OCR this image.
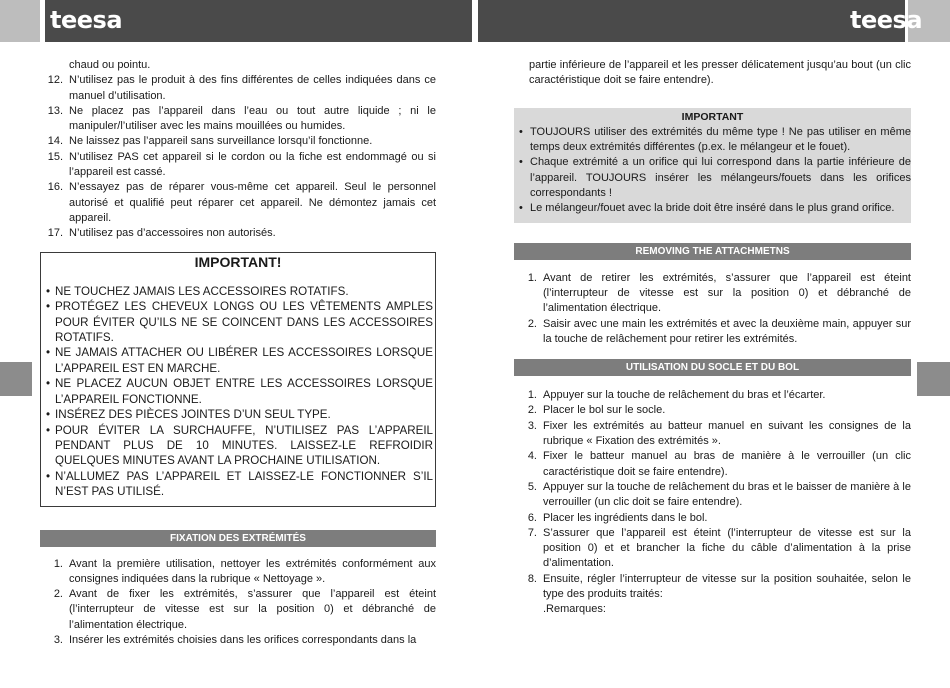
teesa	teesa
chaud ou pointu.
12. N’utilisez pas le produit à des fins différentes de celles indiquées dans ce manuel d’utilisation.
13. Ne placez pas l’appareil dans l’eau ou tout autre liquide ; ni le manipuler/l’utiliser avec les mains mouillées ou humides.
14. Ne laissez pas l’appareil sans surveillance lorsqu’il fonctionne.
15. N’utilisez PAS cet appareil si le cordon ou la fiche est endommagé ou si l’appareil est cassé.
16. N’essayez pas de réparer vous-même cet appareil. Seul le personnel autorisé et qualifié peut réparer cet appareil. Ne démontez jamais cet appareil.
17. N’utilisez pas d’accessoires non autorisés.
IMPORTANT!
• NE TOUCHEZ JAMAIS LES ACCESSOIRES ROTATIFS.
• PROTÉGEZ LES CHEVEUX LONGS OU LES VÊTEMENTS AMPLES POUR ÉVITER QU’ILS NE SE COINCENT DANS LES ACCESSOIRES ROTATIFS.
• NE JAMAIS ATTACHER OU LIBÉRER LES ACCESSOIRES LORSQUE L’APPAREIL EST EN MARCHE.
• NE PLACEZ AUCUN OBJET ENTRE LES ACCESSOIRES LORSQUE L’APPAREIL FONCTIONNE.
• INSÉREZ DES PIÈCES JOINTES D’UN SEUL TYPE.
• POUR ÉVITER LA SURCHAUFFE, N’UTILISEZ PAS L’APPAREIL PENDANT PLUS DE 10 MINUTES. LAISSEZ-LE REFROIDIR QUELQUES MINUTES AVANT LA PROCHAINE UTILISATION.
• N’ALLUMEZ PAS L’APPAREIL ET LAISSEZ-LE FONCTIONNER S’IL N’EST PAS UTILISÉ.
FIXATION DES EXTRÉMITÉS
1. Avant la première utilisation, nettoyer les extrémités conformément aux consignes indiquées dans la rubrique « Nettoyage ».
2. Avant de fixer les extrémités, s’assurer que l’appareil est éteint (l’interrupteur de vitesse est sur la position 0) et débranché de l’alimentation électrique.
3. Insérer les extrémités choisies dans les orifices correspondants dans la
partie inférieure de l’appareil et les presser délicatement jusqu’au bout (un clic caractéristique doit se faire entendre).
IMPORTANT
• TOUJOURS utiliser des extrémités du même type ! Ne pas utiliser en même temps deux extrémités différentes (p.ex. le mélangeur et le fouet).
• Chaque extrémité a un orifice qui lui correspond dans la partie inférieure de l’appareil. TOUJOURS insérer les mélangeurs/fouets dans les orifices correspondants !
• Le mélangeur/fouet avec la bride doit être inséré dans le plus grand orifice.
REMOVING THE ATTACHMETNS
1. Avant de retirer les extrémités, s’assurer que l’appareil est éteint (l’interrupteur de vitesse est sur la position 0) et débranché de l’alimentation électrique.
2. Saisir avec une main les extrémités et avec la deuxième main, appuyer sur la touche de relâchement pour retirer les extrémités.
UTILISATION DU SOCLE ET DU BOL
1. Appuyer sur la touche de relâchement du bras et l’écarter.
2. Placer le bol sur le socle.
3. Fixer les extrémités au batteur manuel en suivant les consignes de la rubrique « Fixation des extrémités ».
4. Fixer le batteur manuel au bras de manière à le verrouiller (un clic caractéristique doit se faire entendre).
5. Appuyer sur la touche de relâchement du bras et le baisser de manière à le verrouiller (un clic doit se faire entendre).
6. Placer les ingrédients dans le bol.
7. S’assurer que l’appareil est éteint (l’interrupteur de vitesse est sur la position 0) et et brancher la fiche du câble d’alimentation à la prise d’alimentation.
8. Ensuite, régler l’interrupteur de vitesse sur la position souhaitée, selon le type des produits traités:
.Remarques:
